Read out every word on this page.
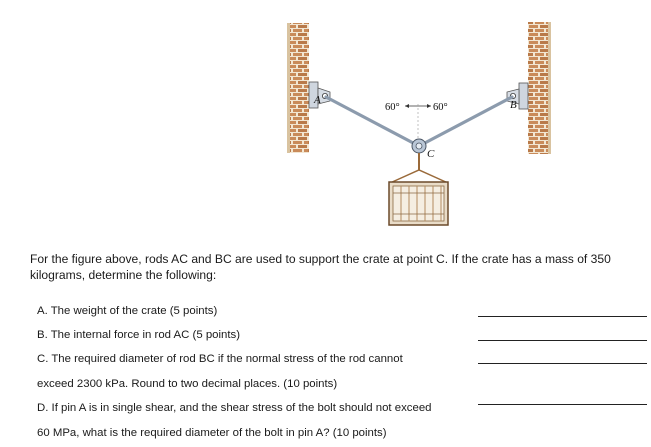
60°	60°
A	B
C

For the figure above, rods AC and BC are used to support the crate at point C. If the crate has a mass of 350 kilograms, determine the following:

A. The weight of the crate (5 points)

B. The internal force in rod AC (5 points)

C. The required diameter of rod BC if the normal stress of the rod cannot

exceed 2300 kPa. Round to two decimal places. (10 points)

D. If pin A is in single shear, and the shear stress of the bolt should not exceed

60 MPa, what is the required diameter of the bolt in pin A? (10 points)
